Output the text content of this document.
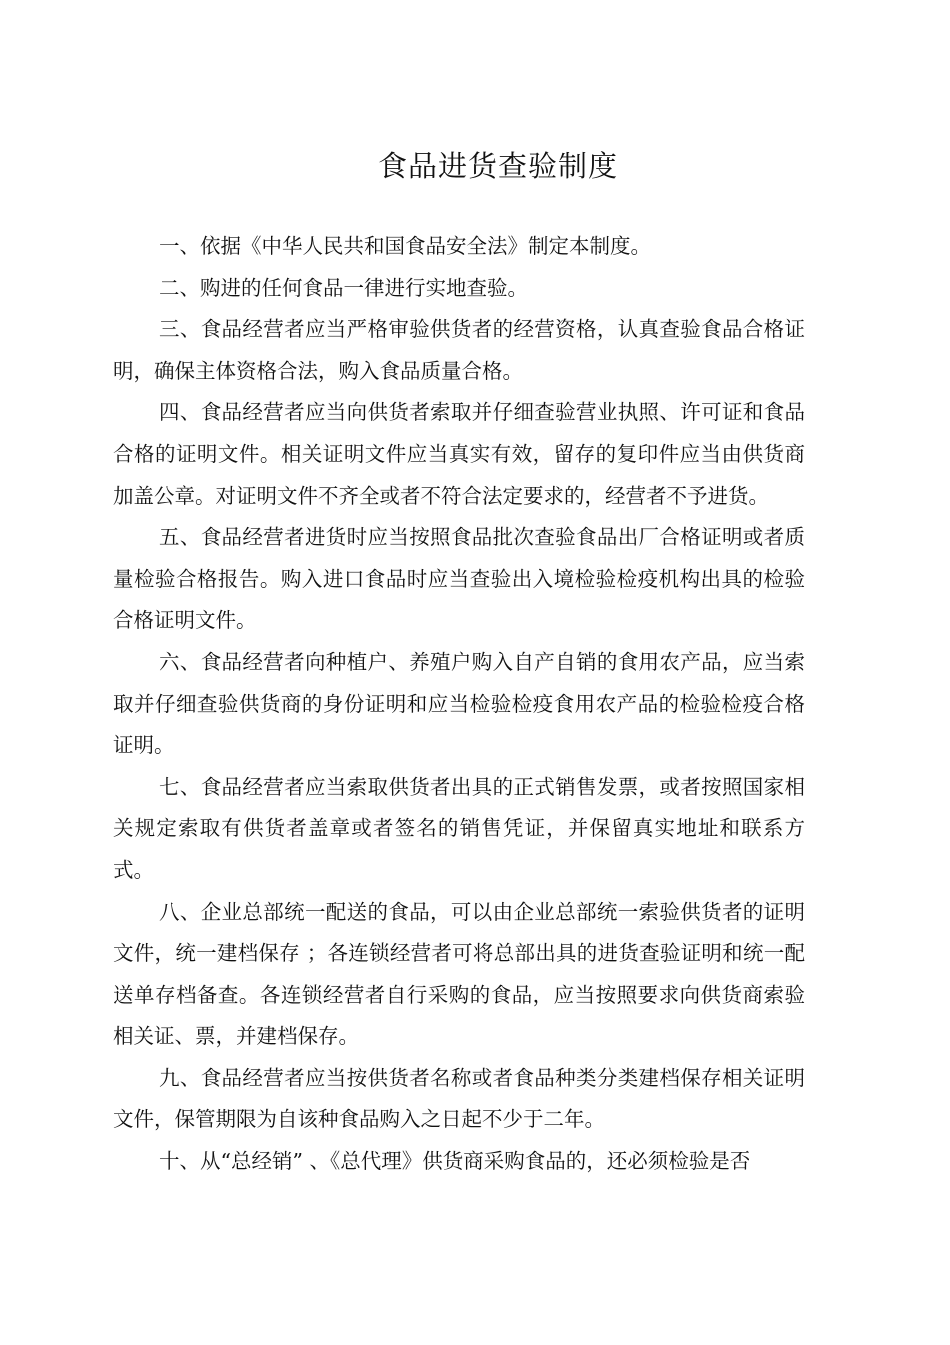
食品进货查验制度

一、依据《中华人民共和国食品安全法》制定本制度。

二、购进的任何食品一律进行实地查验。

三、食品经营者应当严格审验供货者的经营资格，认真查验食品合格证明，确保主体资格合法，购入食品质量合格。

四、食品经营者应当向供货者索取并仔细查验营业执照、许可证和食品合格的证明文件。相关证明文件应当真实有效，留存的复印件应当由供货商加盖公章。对证明文件不齐全或者不符合法定要求的，经营者不予进货。

五、食品经营者进货时应当按照食品批次查验食品出厂合格证明或者质量检验合格报告。购入进口食品时应当查验出入境检验检疫机构出具的检验合格证明文件。

六、食品经营者向种植户、养殖户购入自产自销的食用农产品，应当索取并仔细查验供货商的身份证明和应当检验检疫食用农产品的检验检疫合格证明。

七、食品经营者应当索取供货者出具的正式销售发票，或者按照国家相关规定索取有供货者盖章或者签名的销售凭证，并保留真实地址和联系方式。

八、企业总部统一配送的食品，可以由企业总部统一索验供货者的证明文件，统一建档保存 ；各连锁经营者可将总部出具的进货查验证明和统一配送单存档备查。各连锁经营者自行采购的食品，应当按照要求向供货商索验相关证、票，并建档保存。

九、食品经营者应当按供货者名称或者食品种类分类建档保存相关证明文件，保管期限为自该种食品购入之日起不少于二年。

十、从“总经销” 、《总代理》供货商采购食品的，还必须检验是否
